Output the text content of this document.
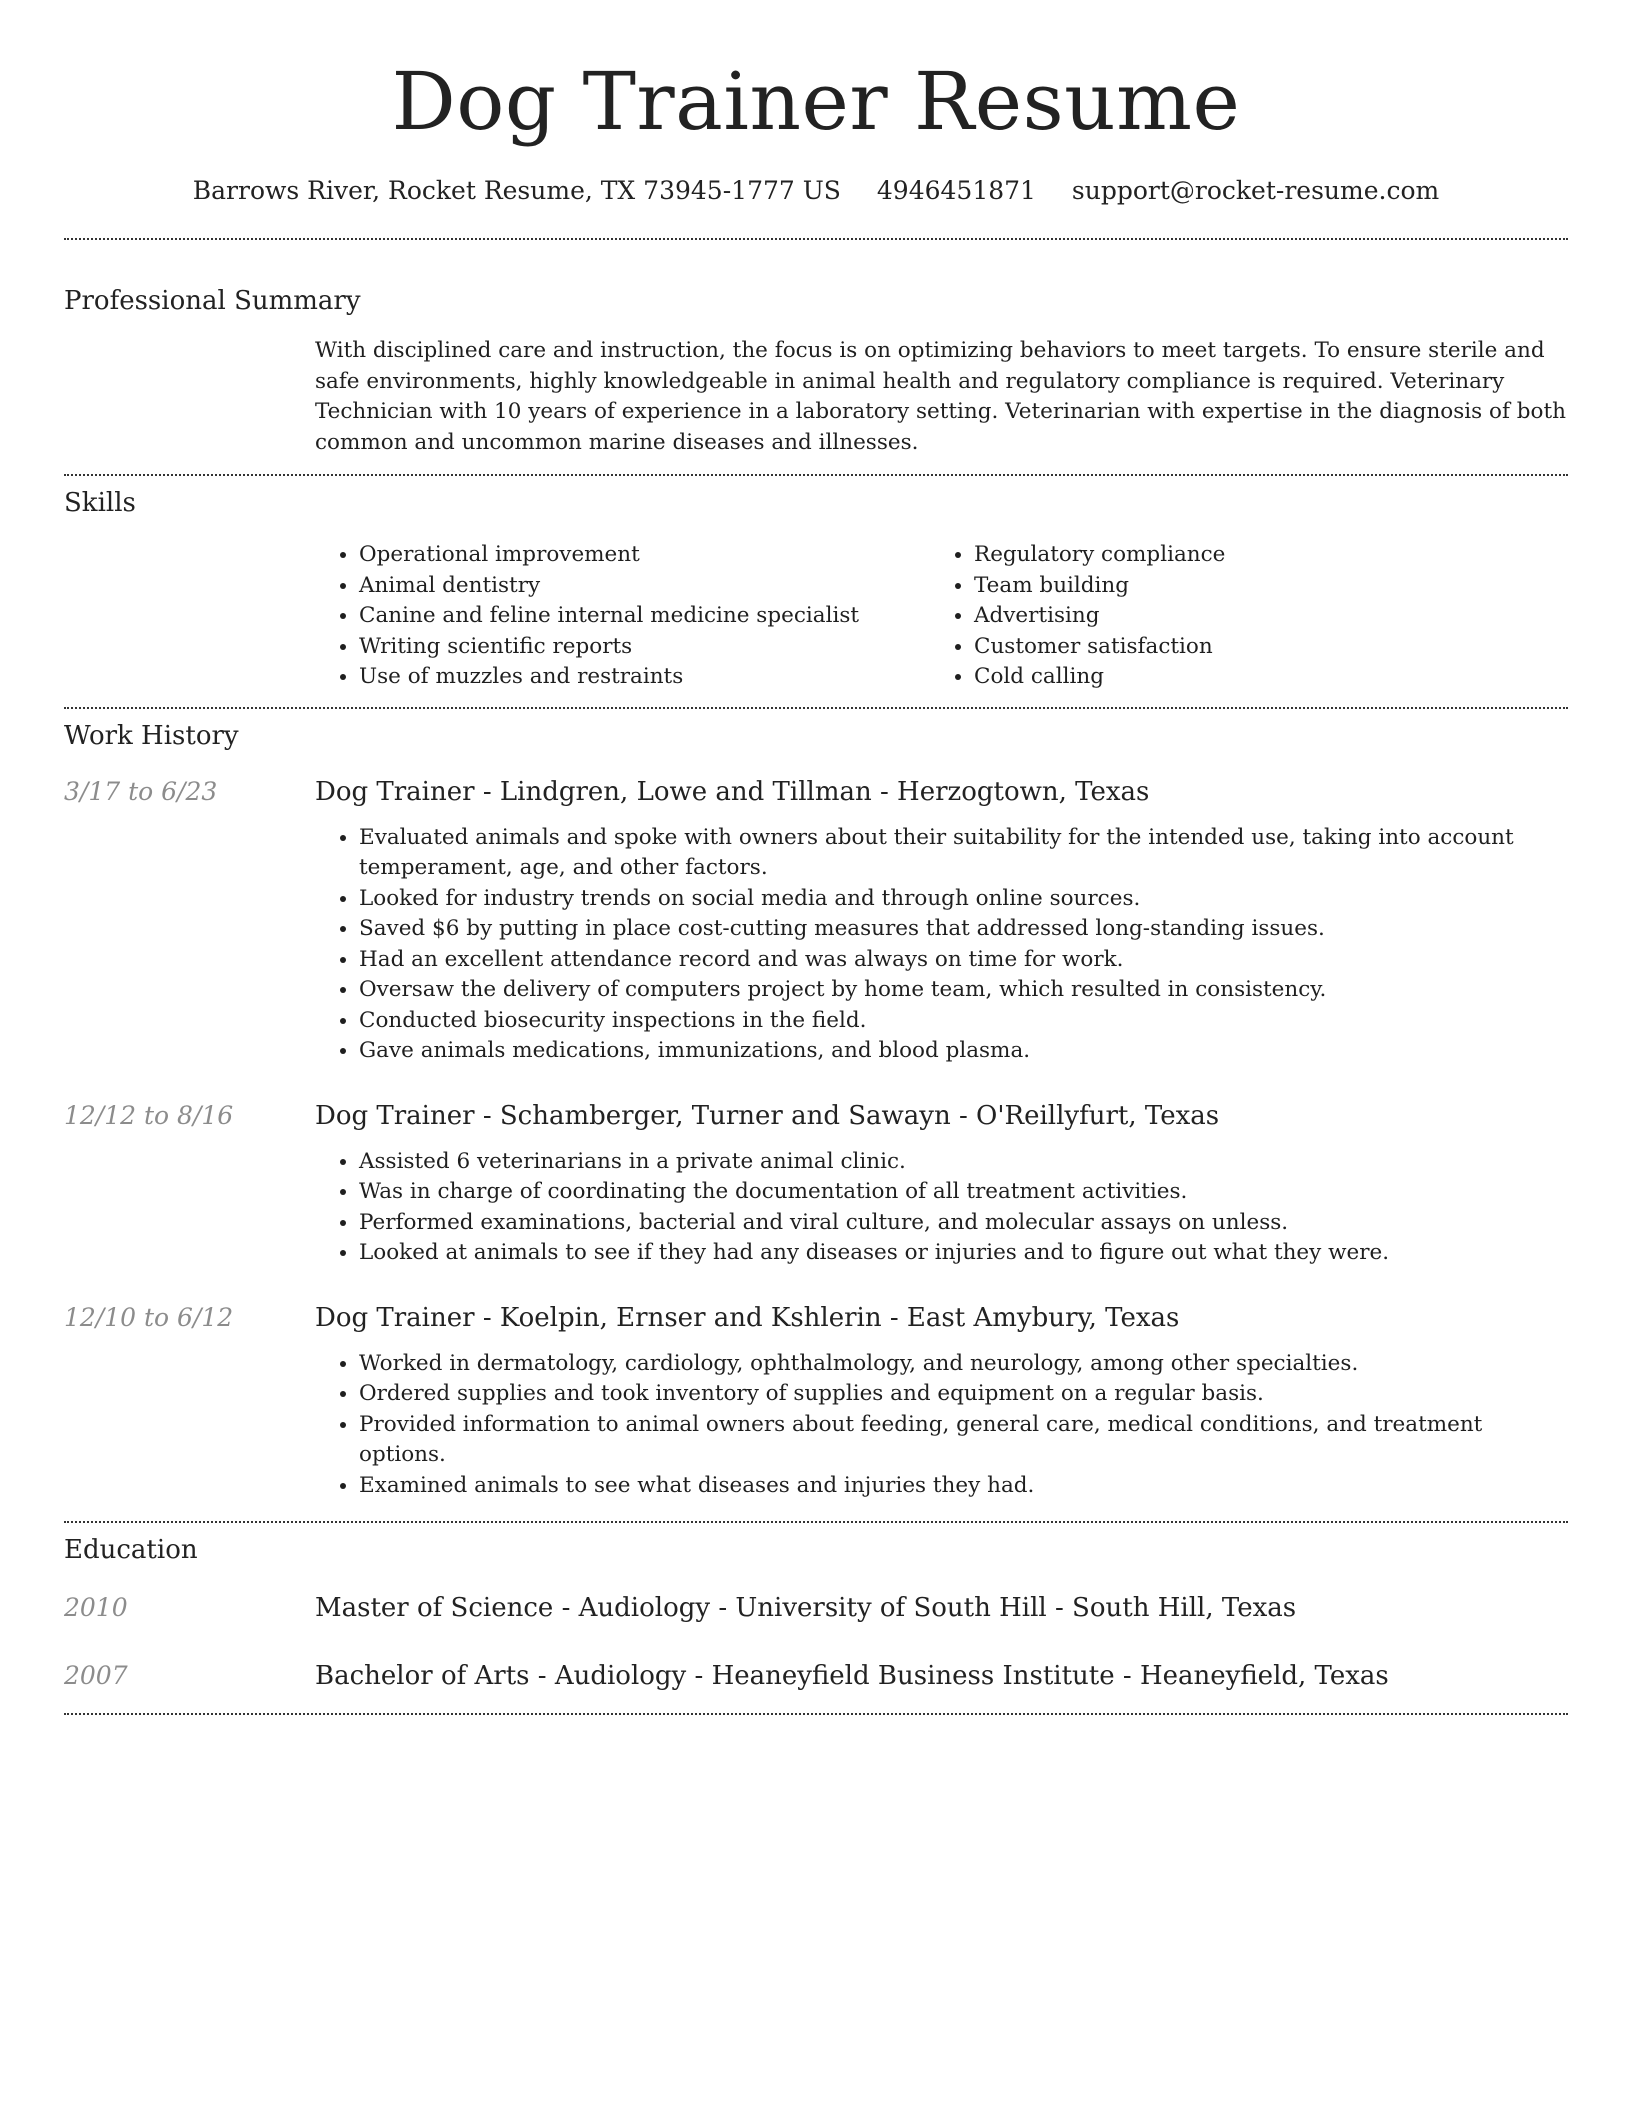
Dog Trainer Resume
Barrows River, Rocket Resume, TX 73945-1777 US 4946451871 support@rocket-resume.com
Professional Summary

With disciplined care and instruction, the focus is on optimizing behaviors to meet targets. To ensure sterile and safe environments, highly knowledgeable in animal health and regulatory compliance is required. Veterinary Technician with 10 years of experience in a laboratory setting. Veterinarian with expertise in the diagnosis of both common and uncommon marine diseases and illnesses.

Skills
• Operational improvement
• Animal dentistry
• Canine and feline internal medicine specialist
• Writing scientific reports
• Use of muzzles and restraints
• Regulatory compliance
• Team building
• Advertising
• Customer satisfaction
• Cold calling
Work History
3/17 to 6/23	Dog Trainer - Lindgren, Lowe and Tillman - Herzogtown, Texas
• Evaluated animals and spoke with owners about their suitability for the intended use, taking into account temperament, age, and other factors.
• Looked for industry trends on social media and through online sources.
• Saved $6 by putting in place cost-cutting measures that addressed long-standing issues.
• Had an excellent attendance record and was always on time for work.
• Oversaw the delivery of computers project by home team, which resulted in consistency.
• Conducted biosecurity inspections in the field.
• Gave animals medications, immunizations, and blood plasma.
12/12 to 8/16	Dog Trainer - Schamberger, Turner and Sawayn - O'Reillyfurt, Texas
• Assisted 6 veterinarians in a private animal clinic.
• Was in charge of coordinating the documentation of all treatment activities.
• Performed examinations, bacterial and viral culture, and molecular assays on unless.
• Looked at animals to see if they had any diseases or injuries and to figure out what they were.
12/10 to 6/12	Dog Trainer - Koelpin, Ernser and Kshlerin - East Amybury, Texas
• Worked in dermatology, cardiology, ophthalmology, and neurology, among other specialties.
• Ordered supplies and took inventory of supplies and equipment on a regular basis.
• Provided information to animal owners about feeding, general care, medical conditions, and treatment options.
• Examined animals to see what diseases and injuries they had.
Education
2010	Master of Science - Audiology - University of South Hill - South Hill, Texas
2007	Bachelor of Arts - Audiology - Heaneyfield Business Institute - Heaneyfield, Texas
